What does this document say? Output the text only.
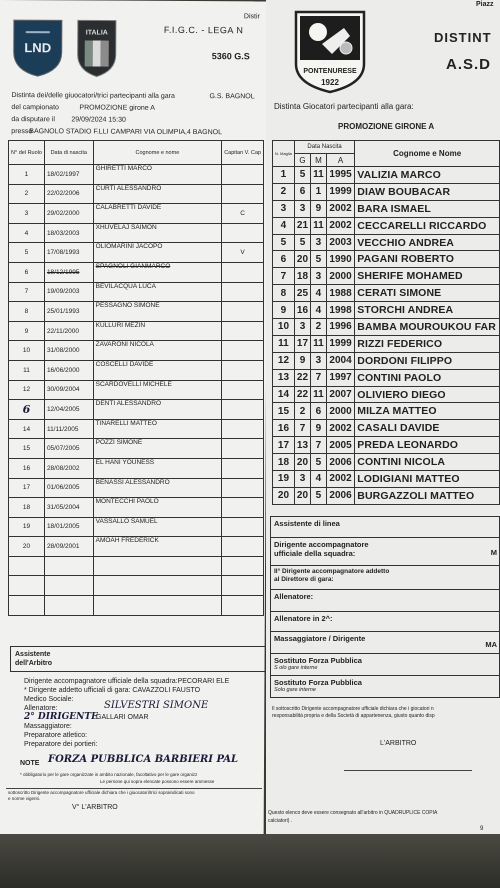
LND
ITALIA
Distir
F.I.G.C. - LEGA N
5360 G.S
Distinta dei/delle giuocatori/trici partecipanti alla gara	G.S. BAGNOL
del campionato	PROMOZIONE girone A
da disputare il 29/09/2024 15:30
presso
BAGNOLO STADIO F.LLI CAMPARI VIA OLIMPIA,4 BAGNOL
N° del Ruolo	Data di nascita	Cognome e nome	Capitan V. Cap
1	18/02/1997	GHIRETTI MARCO	
2	22/02/2006	CURTI ALESSANDRO	
3	29/02/2000	CALABRETTI DAVIDE	C
4	18/03/2003	XHUVELAJ SAIMON	
5	17/08/1993	OLIOMARINI JACOPO	V
6	18/12/1995	SPAGNOLI GIANMARCO	
7	19/09/2003	BEVILACQUA LUCA	
8	25/01/1993	PESSAGNO SIMONE	
9	22/11/2000	KULLURI MEZIN	
10	31/08/2000	ZAVARONI NICOLA	
11	16/06/2000	COSCELLI DAVIDE	
12	30/09/2004	SCARDOVELLI MICHELE	
6	12/04/2005	DENTI ALESSANDRO	
14	11/11/2005	TINARELLI MATTEO	
15	05/07/2005	POZZI SIMONE	
16	28/08/2002	EL HANI YOUNESS	
17	01/06/2005	BENASSI ALESSANDRO	
18	31/05/2004	MONTECCHI PAOLO	
19	18/01/2005	VASSALLO SAMUEL	
20	28/09/2001	AMOAH FREDERICK	

Assistente dell'Arbitro
Dirigente accompagnatore ufficiale della squadra:PECORARI ELE
* Dirigente addetto ufficiali di gara: CAVAZZOLI FAUSTO
Medico Sociale:
Allenatore:	SILVESTRI SIMONE
2° DIRIGENTE
GALLARI OMAR
Massaggiatore:
Preparatore atletico:
Preparatore dei portieri:
NOTE FORZA PUBBLICA BARBIERI PAL
* obbligatorio per le gare organizzate in ambito nazionale, facoltativo per le gare organizz
Le persone qui sopra elencate possono essere ammesse
sottoscritto Dirigente accompagnatore ufficiale dichiara che i giuocatori/trici sopraindicati sono
e norme vigenti.
V° L'ARBITRO
Piazz
PONTENURESE
A.S.D.
1922
DISTINT
A.S.D
Distinta Giocatori partecipanti alla gara:
PROMOZIONE GIRONE A
N. Maglia	Data Nascita			Cognome e Nome
	G	M	A	
1	5	11	1995	VALIZIA MARCO
2	6	1	1999	DIAW BOUBACAR
3	3	9	2002	BARA ISMAEL
4	21	11	2002	CECCARELLI RICCARDO
5	5	3	2003	VECCHIO ANDREA
6	20	5	1990	PAGANI ROBERTO
7	18	3	2000	SHERIFE MOHAMED
8	25	4	1988	CERATI SIMONE
9	16	4	1998	STORCHI ANDREA
10	3	2	1996	BAMBA MOUROUKOU FAR
11	17	11	1999	RIZZI FEDERICO
12	9	3	2004	DORDONI FILIPPO
13	22	7	1997	CONTINI PAOLO
14	22	11	2007	OLIVIERO DIEGO
15	2	6	2000	MILZA MATTEO
16	7	9	2002	CASALI DAVIDE
17	13	7	2005	PREDA LEONARDO
18	20	5	2006	CONTINI NICOLA
19	3	4	2002	LODIGIANI MATTEO
20	20	5	2006	BURGAZZOLI MATTEO
Assistente di linea
Dirigente accompagnatore ufficiale della squadra:	M
II° Dirigente accompagnatore addetto al Direttore di gara:
Allenatore:
Allenatore in 2^:
Massaggiatore / Dirigente
MA
Sostituto Forza Pubblica
S olo gare interne
Sostituto Forza Pubblica
Solo gare interne
Il sottoscritto Dirigente accompagnatore ufficiale dichiara che i giocatori n
responsabilità propria e della Società di appartenenza, giusto quanto disp
L'ARBITRO
Questo elenco deve essere consegnato all'arbitro in QUADRUPLICE COPIA
calciatori) .
9
